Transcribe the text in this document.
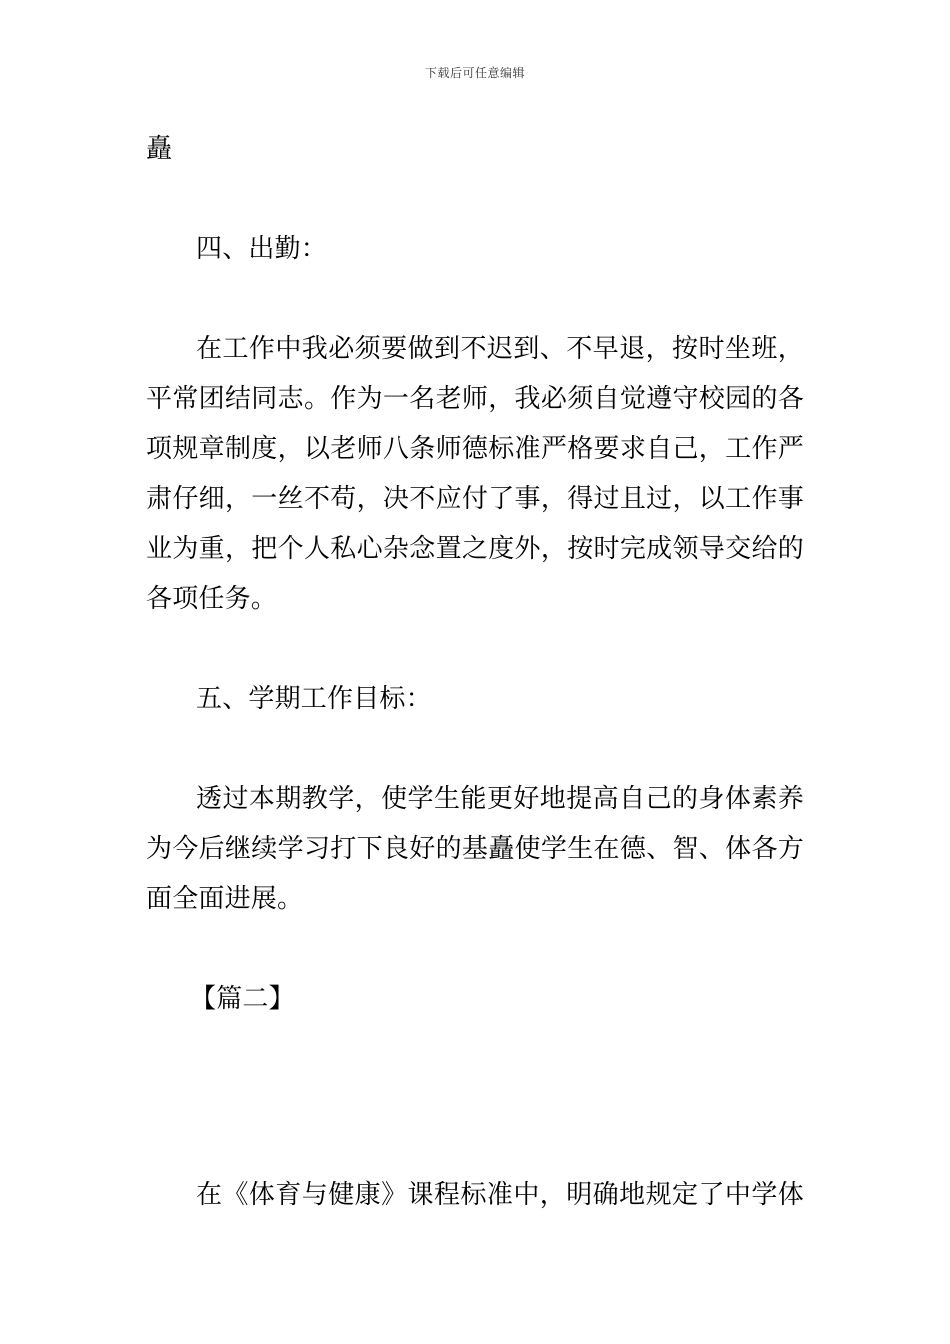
下载后可任意编辑
矗
四、出勤：
在工作中我必须要做到不迟到、不早退，按时坐班，
平常团结同志。作为一名老师，我必须自觉遵守校园的各
项规章制度，以老师八条师德标准严格要求自己，工作严
肃仔细，一丝不苟，决不应付了事，得过且过，以工作事
业为重，把个人私心杂念置之度外，按时完成领导交给的
各项任务。
五、学期工作目标：
透过本期教学，使学生能更好地提高自己的身体素养
为今后继续学习打下良好的基矗使学生在德、智、体各方
面全面进展。
【篇二】
在《体育与健康》课程标准中，明确地规定了中学体
